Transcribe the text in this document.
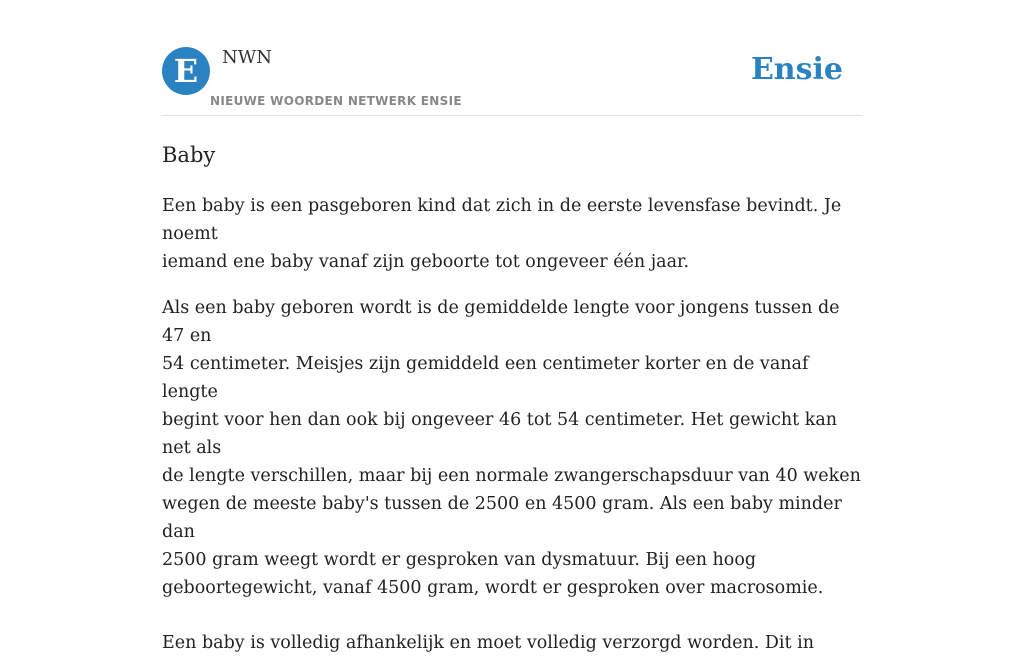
E	NWN
NIEUWE WOORDEN NETWERK ENSIE
Ensie
Baby

Een baby is een pasgeboren kind dat zich in de eerste levensfase bevindt. Je noemt
iemand ene baby vanaf zijn geboorte tot ongeveer één jaar.

Als een baby geboren wordt is de gemiddelde lengte voor jongens tussen de 47 en
54 centimeter. Meisjes zijn gemiddeld een centimeter korter en de vanaf lengte
begint voor hen dan ook bij ongeveer 46 tot 54 centimeter. Het gewicht kan net als
de lengte verschillen, maar bij een normale zwangerschapsduur van 40 weken
wegen de meeste baby's tussen de 2500 en 4500 gram. Als een baby minder dan
2500 gram weegt wordt er gesproken van dysmatuur. Bij een hoog
geboortegewicht, vanaf 4500 gram, wordt er gesproken over macrosomie.

Een baby is volledig afhankelijk en moet volledig verzorgd worden. Dit in
